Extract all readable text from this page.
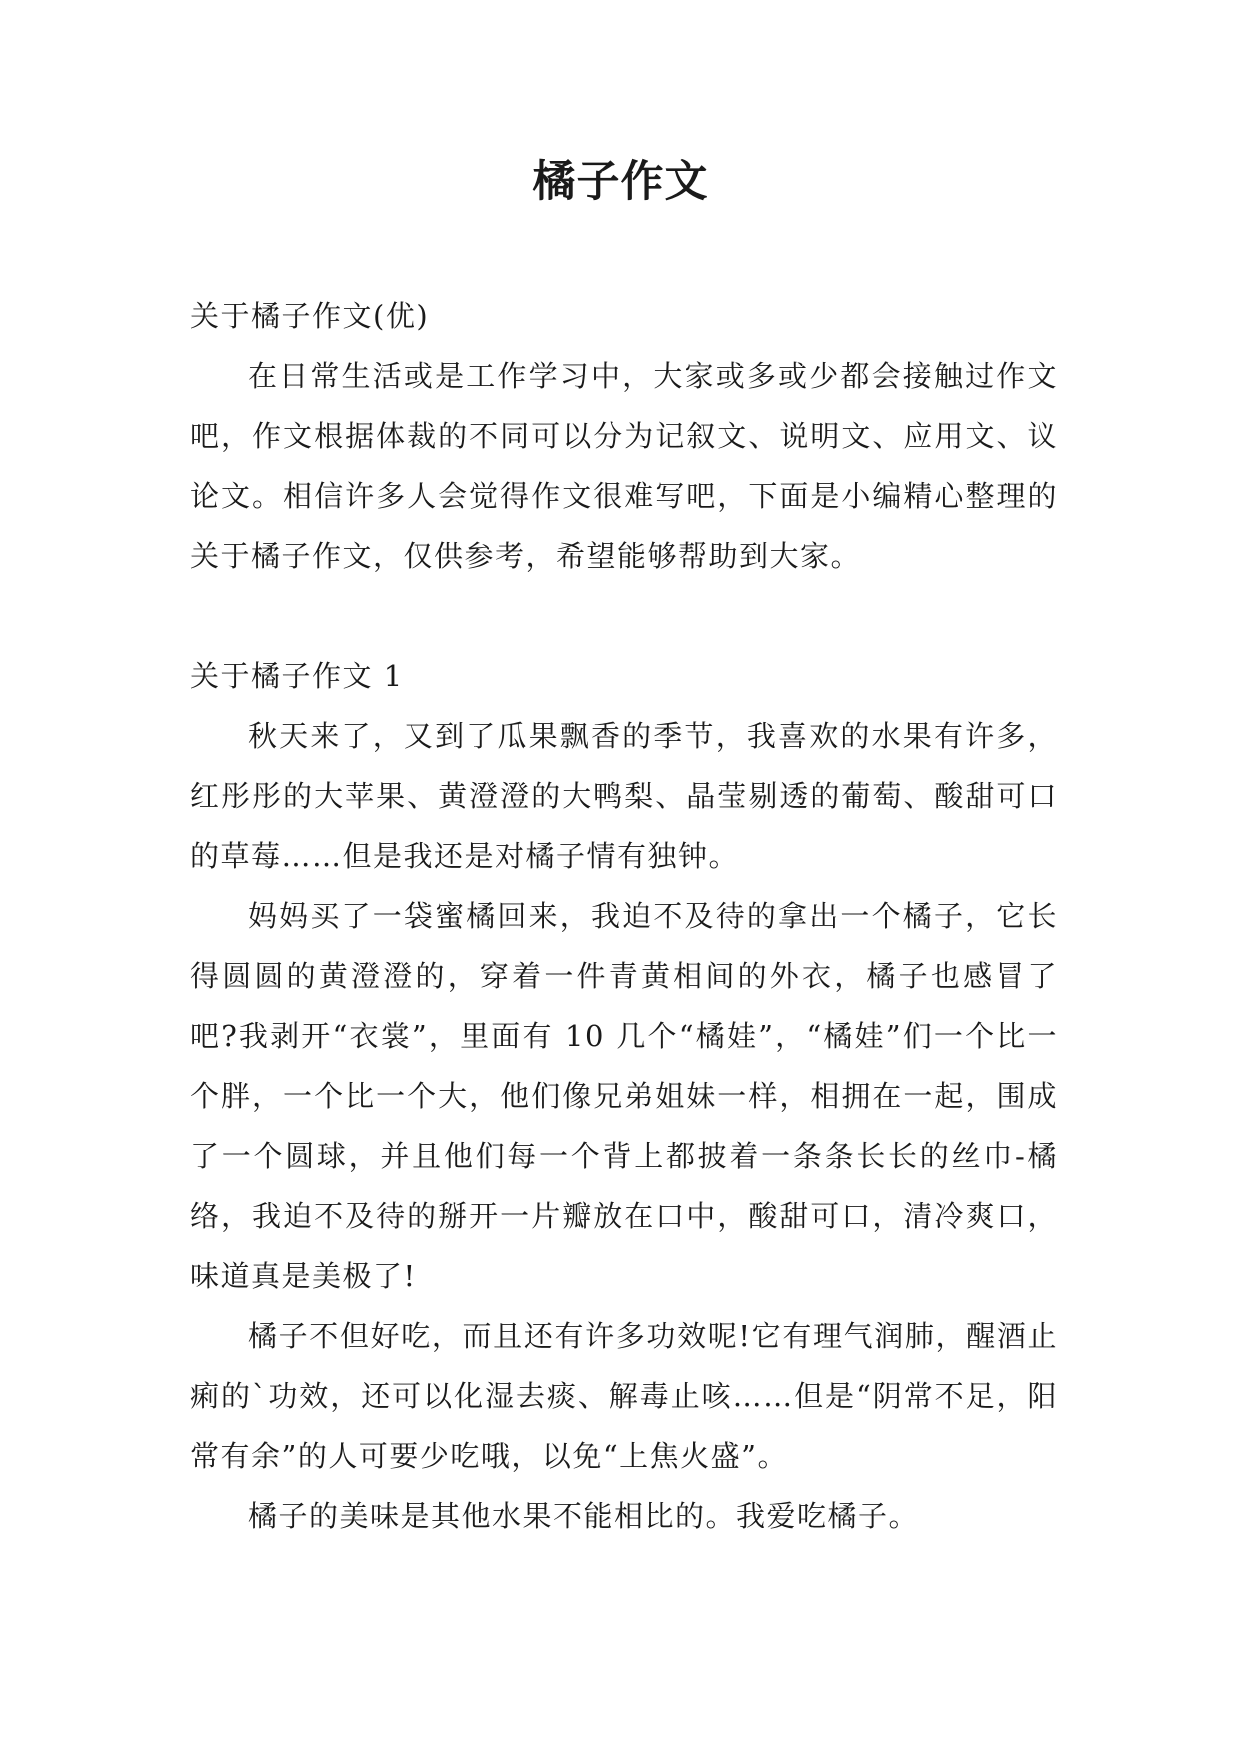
橘子作文
关于橘子作文(优)

在日常生活或是工作学习中，大家或多或少都会接触过作文吧，作文根据体裁的不同可以分为记叙文、说明文、应用文、议论文。相信许多人会觉得作文很难写吧，下面是小编精心整理的关于橘子作文，仅供参考，希望能够帮助到大家。

关于橘子作文 1

秋天来了，又到了瓜果飘香的季节，我喜欢的水果有许多，红彤彤的大苹果、黄澄澄的大鸭梨、晶莹剔透的葡萄、酸甜可口的草莓……但是我还是对橘子情有独钟。

妈妈买了一袋蜜橘回来，我迫不及待的拿出一个橘子，它长得圆圆的黄澄澄的，穿着一件青黄相间的外衣，橘子也感冒了吧?我剥开“衣裳”，里面有 10 几个“橘娃”，“橘娃”们一个比一个胖，一个比一个大，他们像兄弟姐妹一样，相拥在一起，围成了一个圆球，并且他们每一个背上都披着一条条长长的丝巾-橘络，我迫不及待的掰开一片瓣放在口中，酸甜可口，清冷爽口，味道真是美极了!

橘子不但好吃，而且还有许多功效呢!它有理气润肺，醒酒止痢的`功效，还可以化湿去痰、解毒止咳……但是“阴常不足，阳常有余”的人可要少吃哦，以免“上焦火盛”。

橘子的美味是其他水果不能相比的。我爱吃橘子。
